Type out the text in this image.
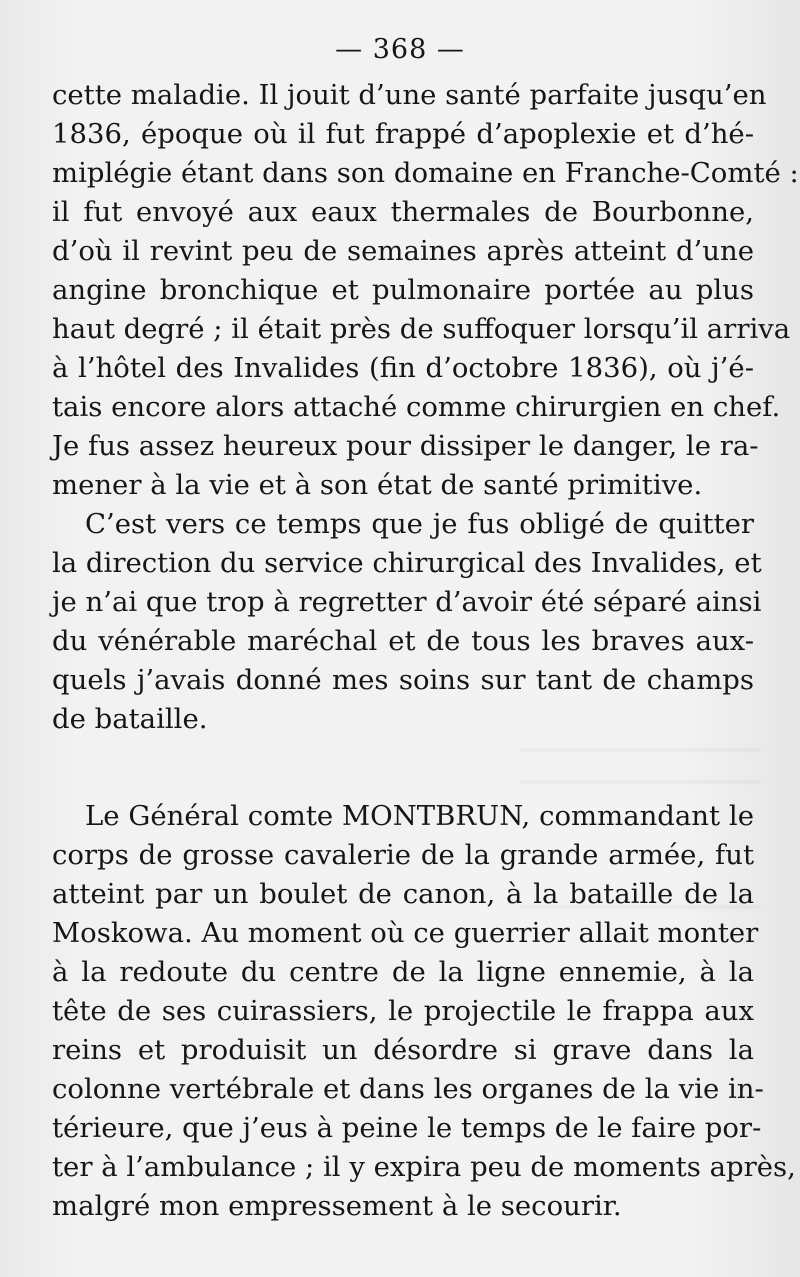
— 368 —
cette maladie. Il jouit d’une santé parfaite jusqu’en
1836, époque où il fut frappé d’apoplexie et d’hé-
miplégie étant dans son domaine en Franche-Comté :
il fut envoyé aux eaux thermales de Bourbonne,
d’où il revint peu de semaines après atteint d’une
angine bronchique et pulmonaire portée au plus
haut degré ; il était près de suffoquer lorsqu’il arriva
à l’hôtel des Invalides (fin d’octobre 1836), où j’é-
tais encore alors attaché comme chirurgien en chef.
Je fus assez heureux pour dissiper le danger, le ra-
mener à la vie et à son état de santé primitive.
C’est vers ce temps que je fus obligé de quitter
la direction du service chirurgical des Invalides, et
je n’ai que trop à regretter d’avoir été séparé ainsi
du vénérable maréchal et de tous les braves aux-
quels j’avais donné mes soins sur tant de champs
de bataille.
Le Général comte MONTBRUN, commandant le
corps de grosse cavalerie de la grande armée, fut
atteint par un boulet de canon, à la bataille de la
Moskowa. Au moment où ce guerrier allait monter
à la redoute du centre de la ligne ennemie, à la
tête de ses cuirassiers, le projectile le frappa aux
reins et produisit un désordre si grave dans la
colonne vertébrale et dans les organes de la vie in-
térieure, que j’eus à peine le temps de le faire por-
ter à l’ambulance ; il y expira peu de moments après,
malgré mon empressement à le secourir.
